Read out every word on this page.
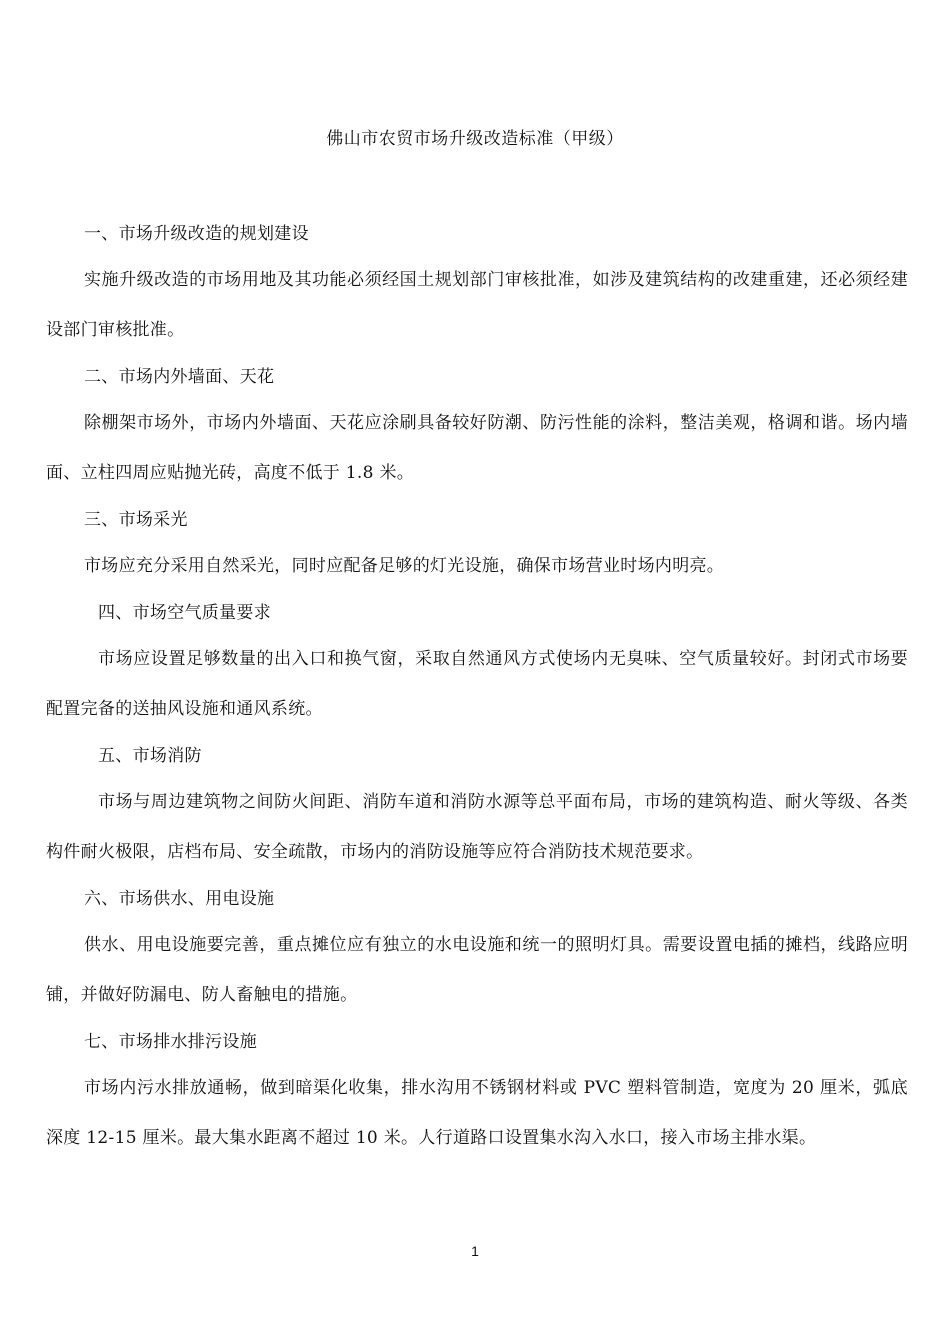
佛山市农贸市场升级改造标准（甲级）

一、市场升级改造的规划建设

实施升级改造的市场用地及其功能必须经国土规划部门审核批准，如涉及建筑结构的改建重建，还必须经建设部门审核批准。

二、市场内外墙面、天花

除棚架市场外，市场内外墙面、天花应涂刷具备较好防潮、防污性能的涂料，整洁美观，格调和谐。场内墙面、立柱四周应贴抛光砖，高度不低于 1.8 米。

三、市场采光

市场应充分采用自然采光，同时应配备足够的灯光设施，确保市场营业时场内明亮。

四、市场空气质量要求

市场应设置足够数量的出入口和换气窗，采取自然通风方式使场内无臭味、空气质量较好。封闭式市场要配置完备的送抽风设施和通风系统。

五、市场消防

市场与周边建筑物之间防火间距、消防车道和消防水源等总平面布局，市场的建筑构造、耐火等级、各类构件耐火极限，店档布局、安全疏散，市场内的消防设施等应符合消防技术规范要求。

六、市场供水、用电设施

供水、用电设施要完善，重点摊位应有独立的水电设施和统一的照明灯具。需要设置电插的摊档，线路应明铺，并做好防漏电、防人畜触电的措施。

七、市场排水排污设施

市场内污水排放通畅，做到暗渠化收集，排水沟用不锈钢材料或 PVC 塑料管制造，宽度为 20 厘米，弧底深度 12-15 厘米。最大集水距离不超过 10 米。人行道路口设置集水沟入水口，接入市场主排水渠。

1
